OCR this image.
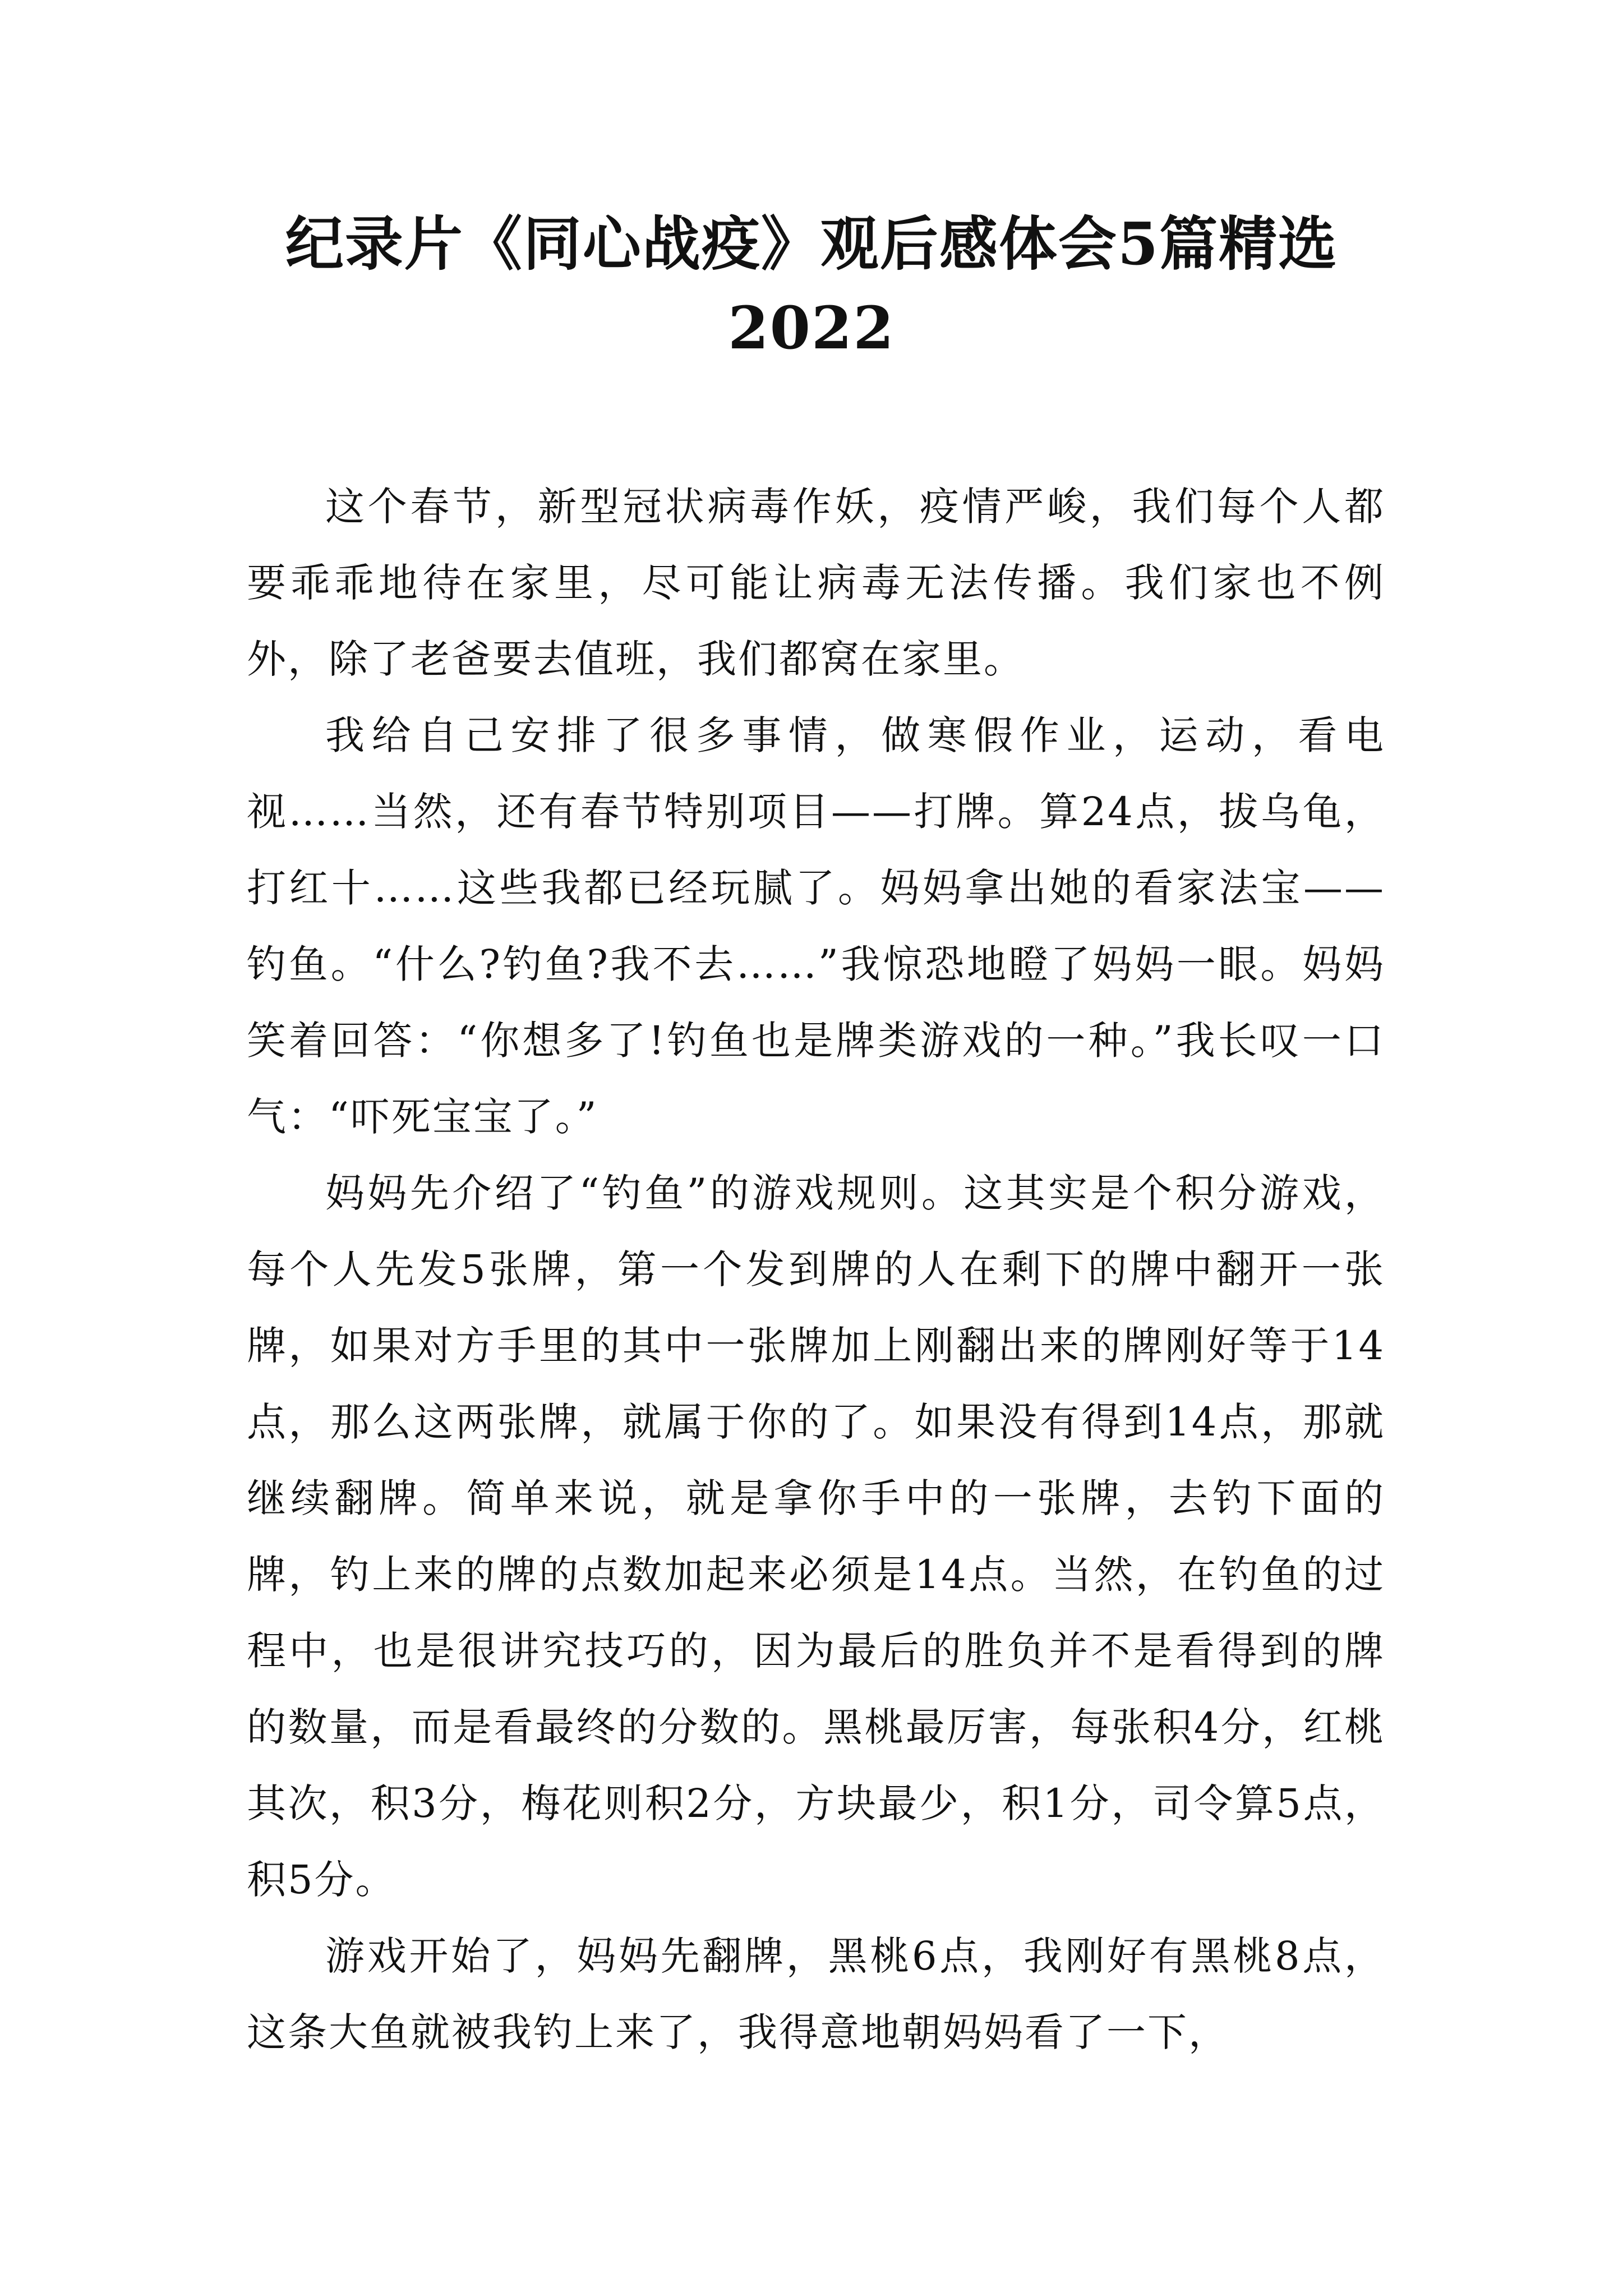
纪录片《同心战疫》观后感体会5篇精选
2022

这个春节，新型冠状病毒作妖，疫情严峻，我们每个人都要乖乖地待在家里，尽可能让病毒无法传播。我们家也不例外，除了老爸要去值班，我们都窝在家里。

我给自己安排了很多事情，做寒假作业，运动，看电视……当然，还有春节特别项目——打牌。算24点，拔乌龟，打红十……这些我都已经玩腻了。妈妈拿出她的看家法宝——钓鱼。“什么?钓鱼?我不去……”我惊恐地瞪了妈妈一眼。妈妈笑着回答：“你想多了!钓鱼也是牌类游戏的一种。”我长叹一口气：“吓死宝宝了。”

妈妈先介绍了“钓鱼”的游戏规则。这其实是个积分游戏，每个人先发5张牌，第一个发到牌的人在剩下的牌中翻开一张牌，如果对方手里的其中一张牌加上刚翻出来的牌刚好等于14点，那么这两张牌，就属于你的了。如果没有得到14点，那就继续翻牌。简单来说，就是拿你手中的一张牌，去钓下面的牌，钓上来的牌的点数加起来必须是14点。当然，在钓鱼的过程中，也是很讲究技巧的，因为最后的胜负并不是看得到的牌的数量，而是看最终的分数的。黑桃最厉害，每张积4分，红桃其次，积3分，梅花则积2分，方块最少，积1分，司令算5点，积5分。

游戏开始了，妈妈先翻牌，黑桃6点，我刚好有黑桃8点，这条大鱼就被我钓上来了，我得意地朝妈妈看了一下，
